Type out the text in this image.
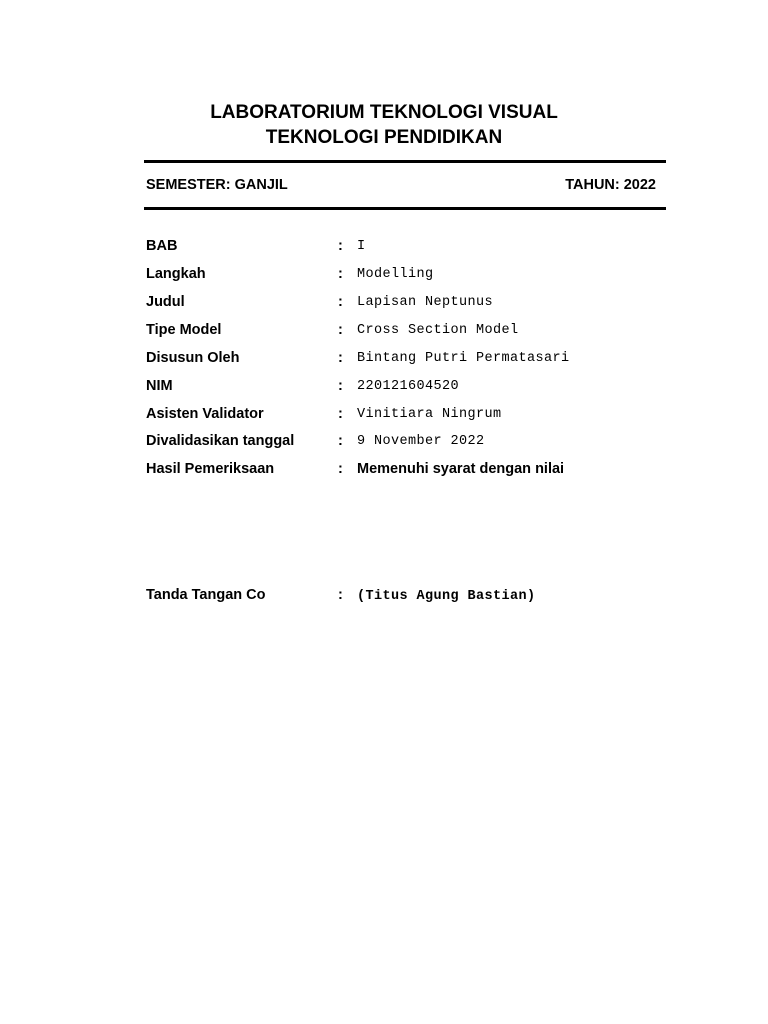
LABORATORIUM TEKNOLOGI VISUAL
TEKNOLOGI PENDIDIKAN
SEMESTER: GANJIL	TAHUN: 2022
BAB	: I
Langkah	: Modelling
Judul	: Lapisan Neptunus
Tipe Model	: Cross Section Model
Disusun Oleh	: Bintang Putri Permatasari
NIM	: 220121604520
Asisten Validator	: Vinitiara Ningrum
Divalidasikan tanggal	: 9 November 2022
Hasil Pemeriksaan	: Memenuhi syarat dengan nilai
Tanda Tangan Co	: (Titus Agung Bastian)
